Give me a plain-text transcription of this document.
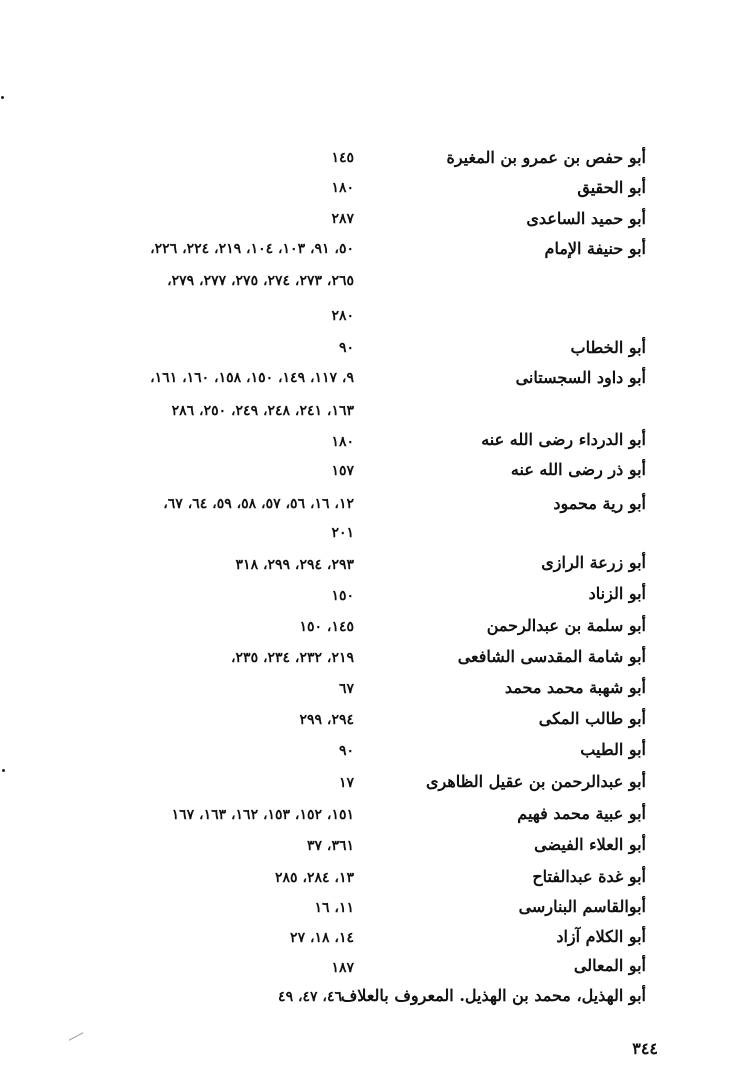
أبو حفص بن عمرو بن المغيرة
١٤٥
أبو الحقيق
١٨٠
أبو حميد الساعدى
٢٨٧
أبو حنيفة الإمام
٥٠، ٩١، ١٠٣، ١٠٤، ٢١٩، ٢٢٤، ٢٢٦،
٢٦٥، ٢٧٣، ٢٧٤، ٢٧٥، ٢٧٧، ٢٧٩،
٢٨٠
أبو الخطاب
٩٠
أبو داود السجستانى
٩، ١١٧، ١٤٩، ١٥٠، ١٥٨، ١٦٠، ١٦١،
١٦٣، ٢٤١، ٢٤٨، ٢٤٩، ٢٥٠، ٢٨٦
أبو الدرداء رضى الله عنه
١٨٠
أبو ذر رضى الله عنه
١٥٧
أبو رية محمود
١٢، ١٦، ٥٦، ٥٧، ٥٨، ٥٩، ٦٤، ٦٧،
٢٠١
أبو زرعة الرازى
٢٩٣، ٢٩٤، ٢٩٩، ٣١٨
أبو الزناد
١٥٠
أبو سلمة بن عبدالرحمن
١٤٥، ١٥٠
أبو شامة المقدسى الشافعى
٢١٩، ٢٣٢، ٢٣٤، ٢٣٥،
أبو شهبة محمد محمد
٦٧
أبو طالب المكى
٢٩٤، ٢٩٩
أبو الطيب
٩٠
أبو عبدالرحمن بن عقيل الظاهرى
١٧
أبو عبية محمد فهيم
١٥١، ١٥٢، ١٥٣، ١٦٢، ١٦٣، ١٦٧
أبو العلاء الفيضى
٣٦١، ٣٧
أبو غدة عبدالفتاح
١٣، ٢٨٤، ٢٨٥
أبوالقاسم البنارسى
١١، ١٦
أبو الكلام آزاد
١٤، ١٨، ٢٧
أبو المعالى
١٨٧
أبو الهذيل، محمد بن الهذيل. المعروف بالعلاف
٤٦، ٤٧، ٤٩
٣٤٤
